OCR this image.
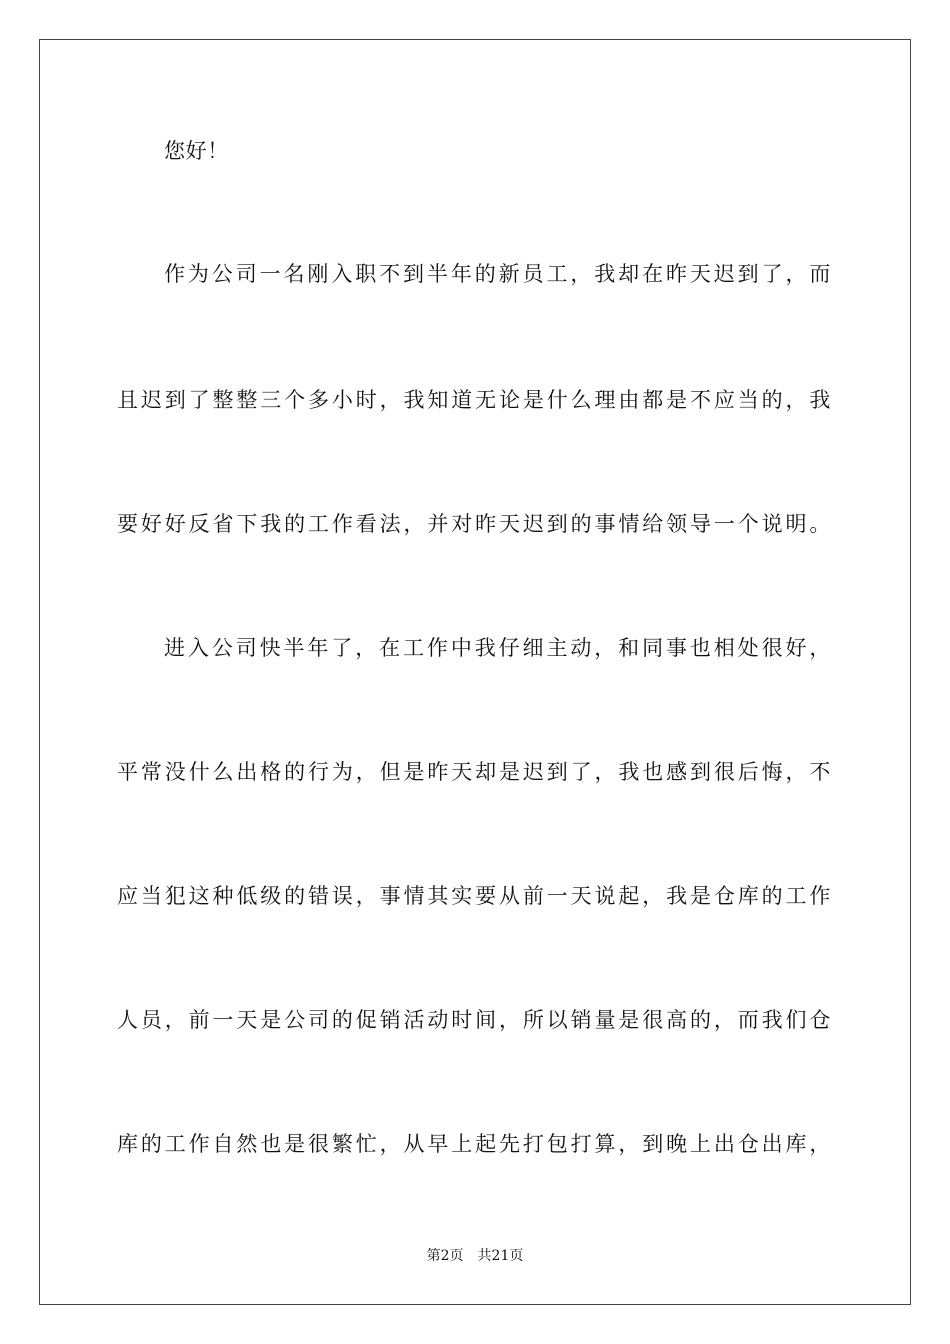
您好！
作为公司一名刚入职不到半年的新员工，我却在昨天迟到了，而
且迟到了整整三个多小时，我知道无论是什么理由都是不应当的，我
要好好反省下我的工作看法，并对昨天迟到的事情给领导一个说明。
进入公司快半年了，在工作中我仔细主动，和同事也相处很好，
平常没什么出格的行为，但是昨天却是迟到了，我也感到很后悔，不
应当犯这种低级的错误，事情其实要从前一天说起，我是仓库的工作
人员，前一天是公司的促销活动时间，所以销量是很高的，而我们仓
库的工作自然也是很繁忙，从早上起先打包打算，到晚上出仓出库，
第2页 共21页
